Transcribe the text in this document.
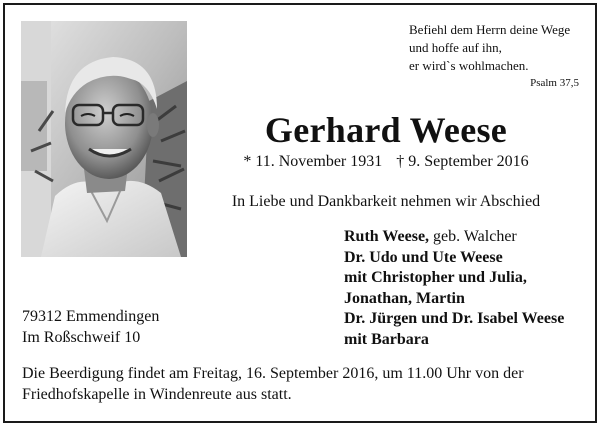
Befiehl dem Herrn deine Wege
und hoffe auf ihn,
er wird`s wohlmachen.
Psalm 37,5
Gerhard Weese
* 11. November 1931 † 9. September 2016
In Liebe und Dankbarkeit nehmen wir Abschied
Ruth Weese, geb. Walcher
Dr. Udo und Ute Weese
mit Christopher und Julia,
Jonathan, Martin
Dr. Jürgen und Dr. Isabel Weese
mit Barbara
79312 Emmendingen
Im Roßschweif 10
Die Beerdigung findet am Freitag, 16. September 2016, um 11.00 Uhr von der
Friedhofskapelle in Windenreute aus statt.
